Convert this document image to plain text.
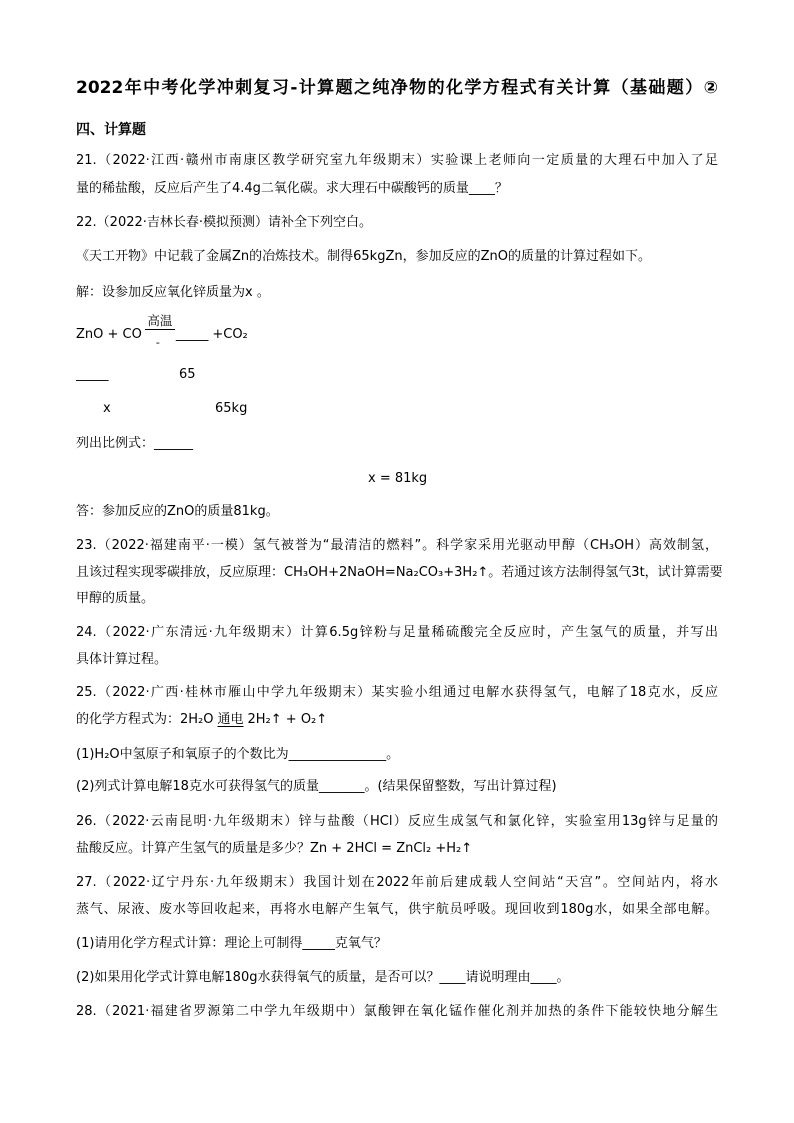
2022年中考化学冲刺复习-计算题之纯净物的化学方程式有关计算（基础题）②
四、计算题
21.（2022·江西·赣州市南康区教学研究室九年级期末）实验课上老师向一定质量的大理石中加入了足
量的稀盐酸，反应后产生了4.4g二氧化碳。求大理石中碳酸钙的质量____？
22.（2022·吉林长春·模拟预测）请补全下列空白。
《天工开物》中记载了金属Zn的冶炼技术。制得65kgZn，参加反应的ZnO的质量的计算过程如下。
解：设参加反应氧化锌质量为x 。
ZnO + CO
高温
-
_____ +CO₂
_____	65
x	65kg
列出比例式：______
x = 81kg
答：参加反应的ZnO的质量81kg。
23.（2022·福建南平·一模）氢气被誉为“最清洁的燃料”。科学家采用光驱动甲醇（CH₃OH）高效制氢，
且该过程实现零碳排放，反应原理：CH₃OH+2NaOH=Na₂CO₃+3H₂↑。若通过该方法制得氢气3t，试计算需要
甲醇的质量。
24.（2022·广东清远·九年级期末）计算6.5g锌粉与足量稀硫酸完全反应时，产生氢气的质量，并写出
具体计算过程。
25.（2022·广西·桂林市雁山中学九年级期末）某实验小组通过电解水获得氢气，电解了18克水，反应
的化学方程式为：2H₂O 通电 2H₂↑ + O₂↑
(1)H₂O中氢原子和氧原子的个数比为_______________。
(2)列式计算电解18克水可获得氢气的质量_______。(结果保留整数，写出计算过程)
26.（2022·云南昆明·九年级期末）锌与盐酸（HCl）反应生成氢气和氯化锌，实验室用13g锌与足量的
盐酸反应。计算产生氢气的质量是多少？Zn + 2HCl = ZnCl₂ +H₂↑
27.（2022·辽宁丹东·九年级期末）我国计划在2022年前后建成载人空间站“天宫”。空间站内，将水
蒸气、尿液、废水等回收起来，再将水电解产生氧气，供宇航员呼吸。现回收到180g水，如果全部电解。
(1)请用化学方程式计算：理论上可制得_____克氧气？
(2)如果用化学式计算电解180g水获得氧气的质量，是否可以？____请说明理由____。
28.（2021·福建省罗源第二中学九年级期中）氯酸钾在氧化锰作催化剂并加热的条件下能较快地分解生
